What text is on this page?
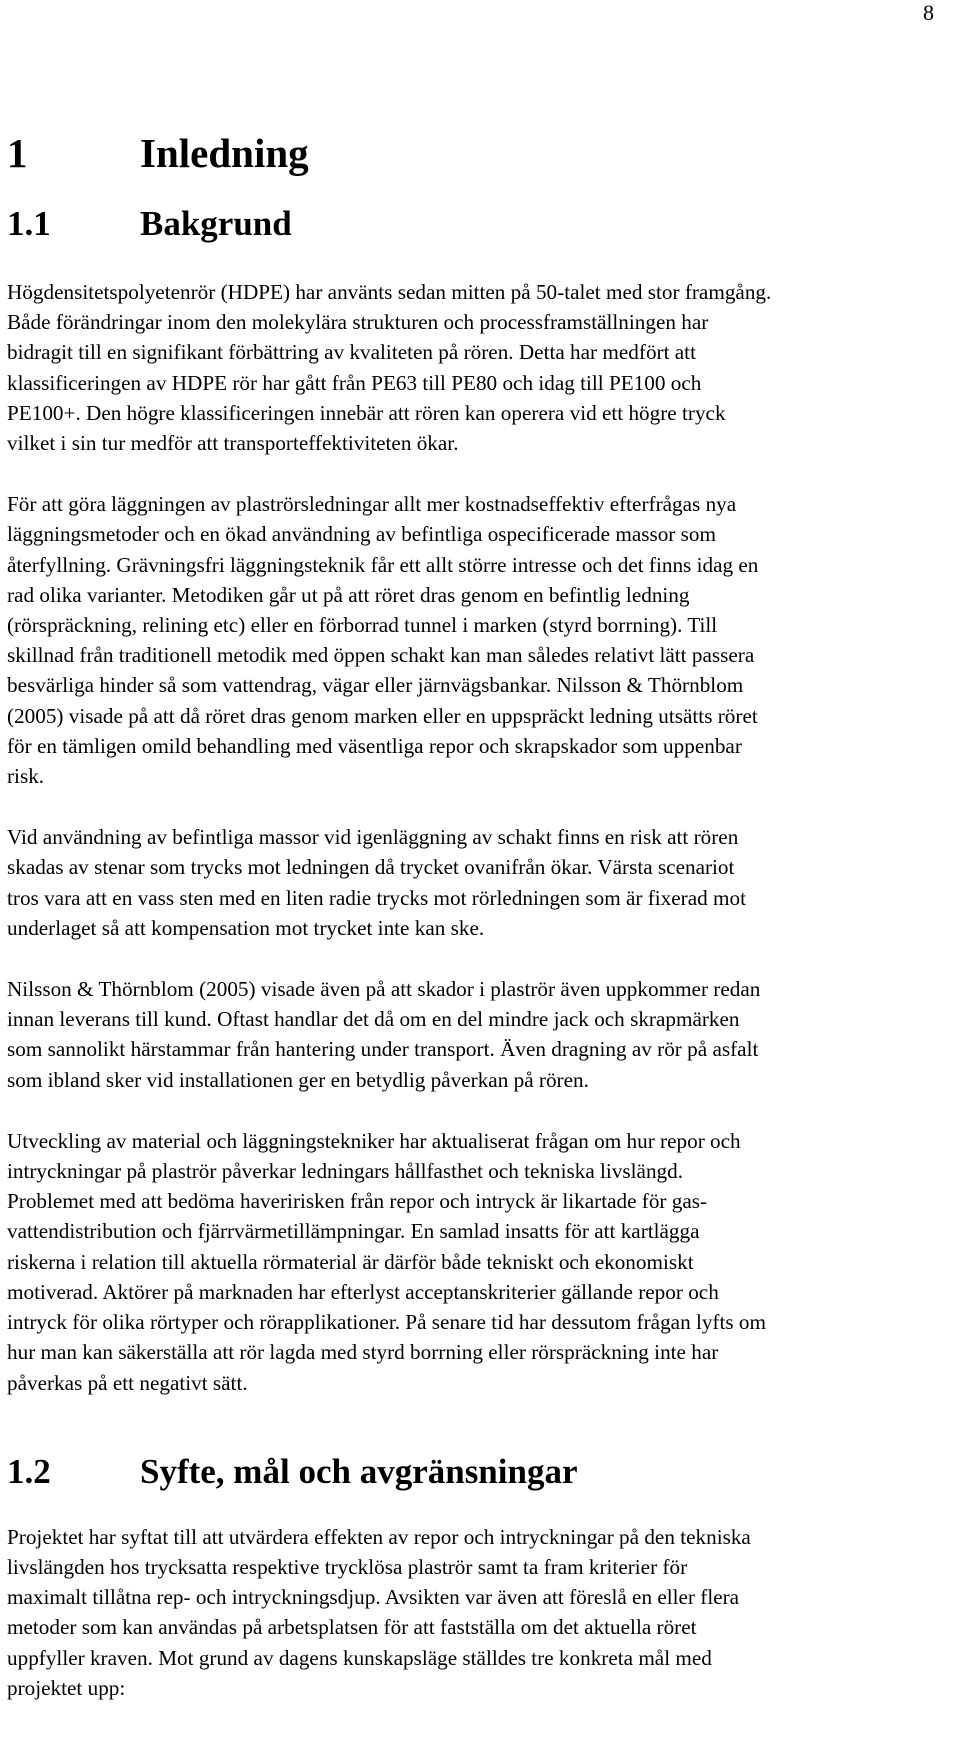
8
1	Inledning
1.1	Bakgrund

Högdensitetspolyetenrör (HDPE) har använts sedan mitten på 50-talet med stor framgång.
Både förändringar inom den molekylära strukturen och processframställningen har
bidragit till en signifikant förbättring av kvaliteten på rören. Detta har medfört att
klassificeringen av HDPE rör har gått från PE63 till PE80 och idag till PE100 och
PE100+. Den högre klassificeringen innebär att rören kan operera vid ett högre tryck
vilket i sin tur medför att transporteffektiviteten ökar.

För att göra läggningen av plaströrsledningar allt mer kostnadseffektiv efterfrågas nya
läggningsmetoder och en ökad användning av befintliga ospecificerade massor som
återfyllning. Grävningsfri läggningsteknik får ett allt större intresse och det finns idag en
rad olika varianter. Metodiken går ut på att röret dras genom en befintlig ledning
(rörspräckning, relining etc) eller en förborrad tunnel i marken (styrd borrning). Till
skillnad från traditionell metodik med öppen schakt kan man således relativt lätt passera
besvärliga hinder så som vattendrag, vägar eller järnvägsbankar. Nilsson & Thörnblom
(2005) visade på att då röret dras genom marken eller en uppspräckt ledning utsätts röret
för en tämligen omild behandling med väsentliga repor och skrapskador som uppenbar
risk.

Vid användning av befintliga massor vid igenläggning av schakt finns en risk att rören
skadas av stenar som trycks mot ledningen då trycket ovanifrån ökar. Värsta scenariot
tros vara att en vass sten med en liten radie trycks mot rörledningen som är fixerad mot
underlaget så att kompensation mot trycket inte kan ske.

Nilsson & Thörnblom (2005) visade även på att skador i plaströr även uppkommer redan
innan leverans till kund. Oftast handlar det då om en del mindre jack och skrapmärken
som sannolikt härstammar från hantering under transport. Även dragning av rör på asfalt
som ibland sker vid installationen ger en betydlig påverkan på rören.

Utveckling av material och läggningstekniker har aktualiserat frågan om hur repor och
intryckningar på plaströr påverkar ledningars hållfasthet och tekniska livslängd.
Problemet med att bedöma haveririsken från repor och intryck är likartade för gas-
vattendistribution och fjärrvärmetillämpningar. En samlad insatts för att kartlägga
riskerna i relation till aktuella rörmaterial är därför både tekniskt och ekonomiskt
motiverad. Aktörer på marknaden har efterlyst acceptanskriterier gällande repor och
intryck för olika rörtyper och rörapplikationer. På senare tid har dessutom frågan lyfts om
hur man kan säkerställa att rör lagda med styrd borrning eller rörspräckning inte har
påverkas på ett negativt sätt.

1.2	Syfte, mål och avgränsningar

Projektet har syftat till att utvärdera effekten av repor och intryckningar på den tekniska
livslängden hos trycksatta respektive trycklösa plaströr samt ta fram kriterier för
maximalt tillåtna rep- och intryckningsdjup. Avsikten var även att föreslå en eller flera
metoder som kan användas på arbetsplatsen för att fastställa om det aktuella röret
uppfyller kraven. Mot grund av dagens kunskapsläge ställdes tre konkreta mål med
projektet upp:
